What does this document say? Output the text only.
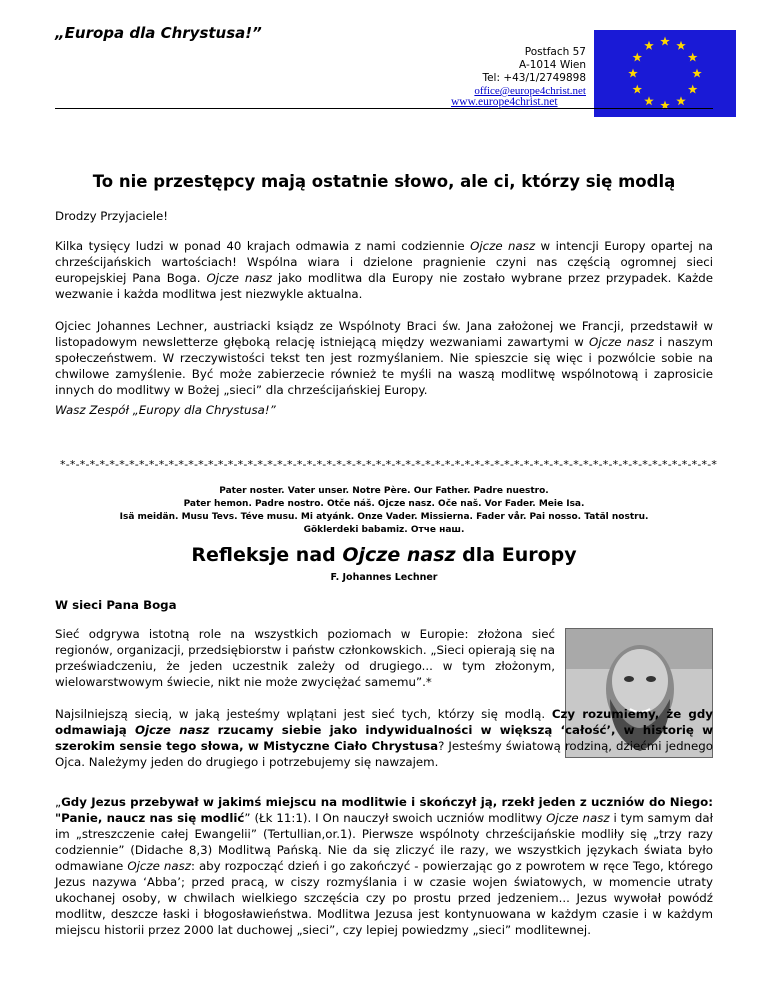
„Europa dla Chrystusa!”
Postfach 57
A-1014 Wien
Tel: +43/1/2749898
office@europe4christ.net
www.europe4christ.net
To nie przestępcy mają ostatnie słowo, ale ci, którzy się modlą
Drodzy Przyjaciele!
Kilka tysięcy ludzi w ponad 40 krajach odmawia z nami codziennie Ojcze nasz w intencji Europy opartej na chrześcijańskich wartościach! Wspólna wiara i dzielone pragnienie czyni nas częścią ogromnej sieci europejskiej Pana Boga. Ojcze nasz jako modlitwa dla Europy nie zostało wybrane przez przypadek. Każde wezwanie i każda modlitwa jest niezwykle aktualna.
Ojciec Johannes Lechner, austriacki ksiądz ze Wspólnoty Braci św. Jana założonej we Francji, przedstawił w listopadowym newsletterze głęboką relację istniejącą między wezwaniami zawartymi w Ojcze nasz i naszym społeczeństwem. W rzeczywistości tekst ten jest rozmyślaniem. Nie spieszcie się więc i pozwólcie sobie na chwilowe zamyślenie. Być może zabierzecie również te myśli na waszą modlitwę wspólnotową i zaprosicie innych do modlitwy w Bożej „sieci” dla chrześcijańskiej Europy.
Wasz Zespół „Europy dla Chrystusa!”
*-*-*-*-*-*-*-*-*-*-*-*-*-*-*-*-*-*-*-*-*-*-*-*-*-*-*-*-*-*-*-*-*-*-*-*-*-*-*-*-*-*-*-*-*-*-*-*-*-*-*-*-*-*-*-*-*-*-*-*-*-*-*-*-*-*-*
Pater noster. Vater unser. Notre Père. Our Father. Padre nuestro.
Pater hemon. Padre nostro. Otče náš. Ojcze nasz. Oče naš. Vor Fader. Meie Isa.
Isä meidän. Musu Tevs. Téve musu. Mi atyánk. Onze Vader. Missierna. Fader vår. Pai nosso. Tatăl nostru.
Göklerdeki babamiz. Отче наш.
Refleksje nad Ojcze nasz dla Europy
F. Johannes Lechner
W sieci Pana Boga
Sieć odgrywa istotną role na wszystkich poziomach w Europie: złożona sieć regionów, organizacji, przedsiębiorstw i państw członkowskich. „Sieci opierają się na przeświadczeniu, że jeden uczestnik zależy od drugiego... w tym złożonym, wielowarstwowym świecie, nikt nie może zwyciężać samemu”.*
Najsilniejszą siecią, w jaką jesteśmy wplątani jest sieć tych, którzy się modlą. Czy rozumiemy, że gdy odmawiają Ojcze nasz rzucamy siebie jako indywidualności w większą ‘całość’, w historię w szerokim sensie tego słowa, w Mistyczne Ciało Chrystusa? Jesteśmy światową rodziną, dziećmi jednego Ojca. Należymy jeden do drugiego i potrzebujemy się nawzajem.
„Gdy Jezus przebywał w jakimś miejscu na modlitwie i skończył ją, rzekł jeden z uczniów do Niego: "Panie, naucz nas się modlić” (Łk 11:1). I On nauczył swoich uczniów modlitwy Ojcze nasz i tym samym dał im „streszczenie całej Ewangelii” (Tertullian,or.1). Pierwsze wspólnoty chrześcijańskie modliły się „trzy razy codziennie” (Didache 8,3) Modlitwą Pańską. Nie da się zliczyć ile razy, we wszystkich językach świata było odmawiane Ojcze nasz: aby rozpocząć dzień i go zakończyć - powierzając go z powrotem w ręce Tego, którego Jezus nazywa ‘Abba’; przed pracą, w ciszy rozmyślania i w czasie wojen światowych, w momencie utraty ukochanej osoby, w chwilach wielkiego szczęścia czy po prostu przed jedzeniem... Jezus wywołał powódź modlitw, deszcze łaski i błogosławieństwa. Modlitwa Jezusa jest kontynuowana w każdym czasie i w każdym miejscu historii przez 2000 lat duchowej „sieci”, czy lepiej powiedzmy „sieci” modlitewnej.
